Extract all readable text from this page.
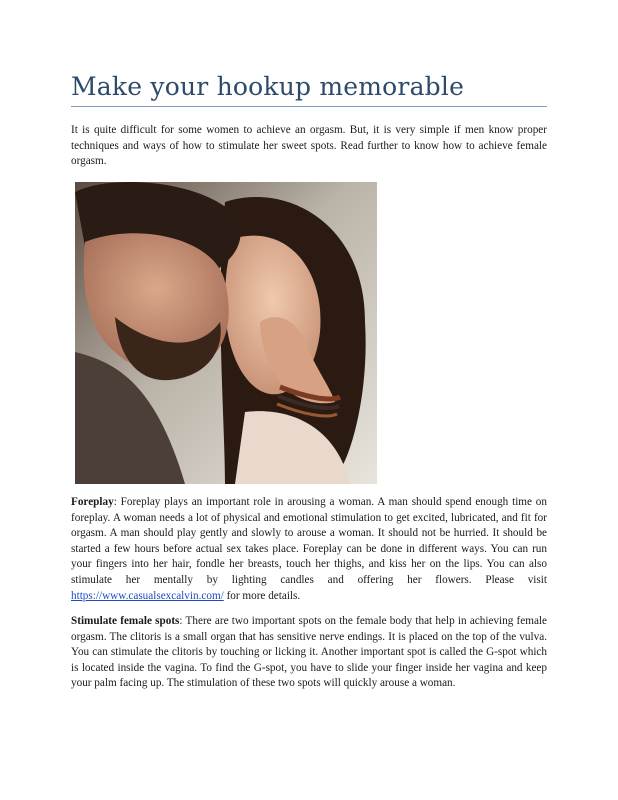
Make your hookup memorable

It is quite difficult for some women to achieve an orgasm. But, it is very simple if men know proper techniques and ways of how to stimulate her sweet spots. Read further to know how to achieve female orgasm.

Foreplay: Foreplay plays an important role in arousing a woman. A man should spend enough time on foreplay. A woman needs a lot of physical and emotional stimulation to get excited, lubricated, and fit for orgasm. A man should play gently and slowly to arouse a woman. It should not be hurried. It should be started a few hours before actual sex takes place. Foreplay can be done in different ways. You can run your fingers into her hair, fondle her breasts, touch her thighs, and kiss her on the lips. You can also stimulate her mentally by lighting candles and offering her flowers. Please visit https://www.casualsexcalvin.com/ for more details.

Stimulate female spots: There are two important spots on the female body that help in achieving female orgasm. The clitoris is a small organ that has sensitive nerve endings. It is placed on the top of the vulva. You can stimulate the clitoris by touching or licking it. Another important spot is called the G-spot which is located inside the vagina. To find the G-spot, you have to slide your finger inside her vagina and keep your palm facing up. The stimulation of these two spots will quickly arouse a woman.
